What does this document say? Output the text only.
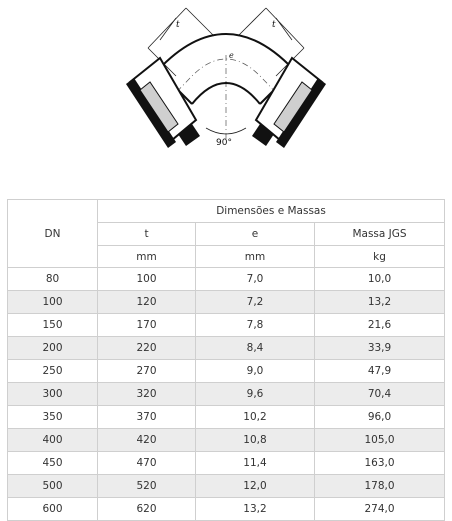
90°
t	t
e
DN	Dimensões e Massas		
	t	e	Massa JGS
	mm	mm	kg
80	100	7,0	10,0
100	120	7,2	13,2
150	170	7,8	21,6
200	220	8,4	33,9
250	270	9,0	47,9
300	320	9,6	70,4
350	370	10,2	96,0
400	420	10,8	105,0
450	470	11,4	163,0
500	520	12,0	178,0
600	620	13,2	274,0
